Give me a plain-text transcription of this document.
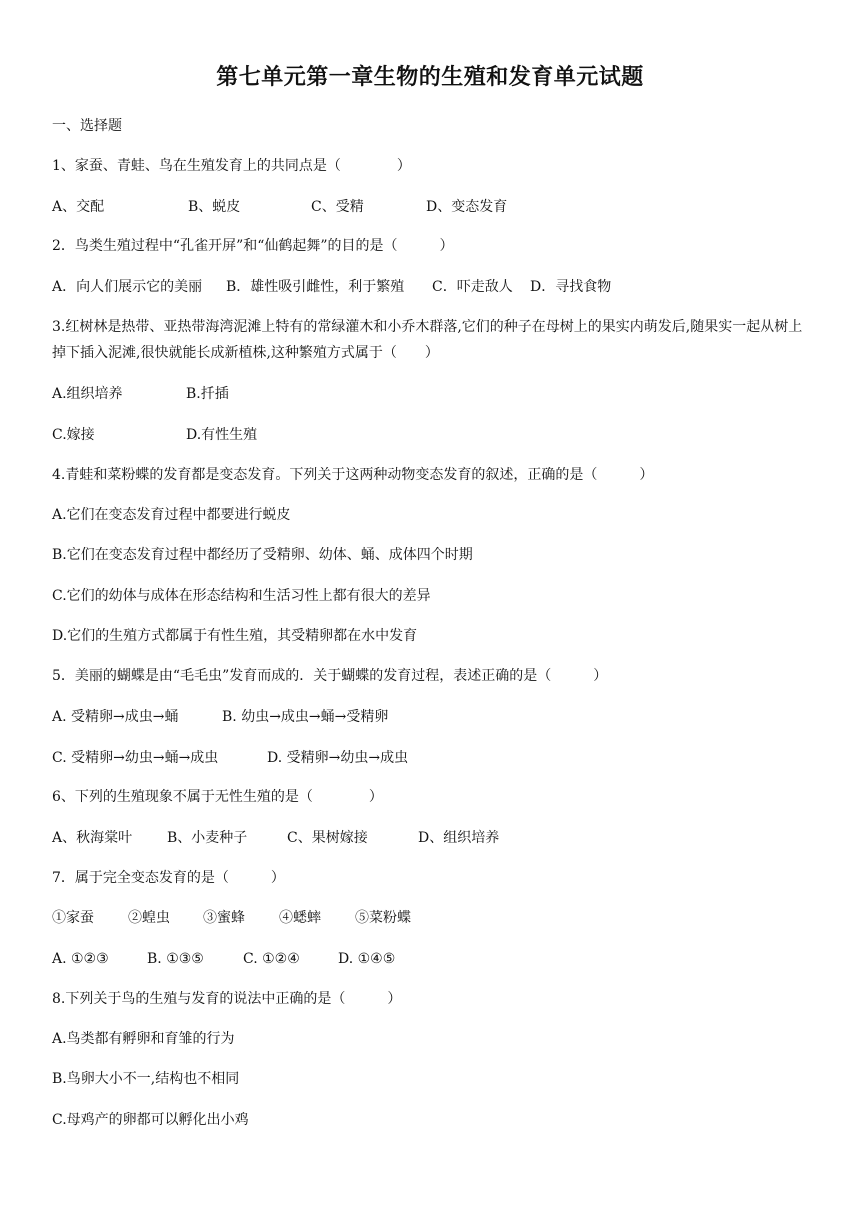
第七单元第一章生物的生殖和发育单元试题
一、选择题
1、家蚕、青蛙、鸟在生殖发育上的共同点是（　　　　）
A、交配	B、蜕皮	C、受精	D、变态发育
2．鸟类生殖过程中“孔雀开屏”和“仙鹤起舞”的目的是（　　　）
A．向人们展示它的美丽 B．雄性吸引雌性，利于繁殖 C．吓走敌人 D．寻找食物
3.红树林是热带、亚热带海湾泥滩上特有的常绿灌木和小乔木群落,它们的种子在母树上的果实内萌发后,随果实一起从树上掉下插入泥滩,很快就能长成新植株,这种繁殖方式属于（　　）
A.组织培养	B.扦插
C.嫁接	D.有性生殖
4.青蛙和菜粉蝶的发育都是变态发育。下列关于这两种动物变态发育的叙述，正确的是（　　　）
A.它们在变态发育过程中都要进行蜕皮
B.它们在变态发育过程中都经历了受精卵、幼体、蛹、成体四个时期
C.它们的幼体与成体在形态结构和生活习性上都有很大的差异
D.它们的生殖方式都属于有性生殖，其受精卵都在水中发育
5．美丽的蝴蝶是由“毛毛虫”发育而成的．关于蝴蝶的发育过程，表述正确的是（　　　）
A. 受精卵→成虫→蛹	B. 幼虫→成虫→蛹→受精卵
C. 受精卵→幼虫→蛹→成虫	D. 受精卵→幼虫→成虫
6、下列的生殖现象不属于无性生殖的是（　　　　）
A、秋海棠叶 B、小麦种子	C、果树嫁接	D、组织培养
7．属于完全变态发育的是（　　　）
①家蚕 ②蝗虫 ③蜜蜂 ④蟋蟀 ⑤菜粉蝶
A. ①②③	B. ①③⑤	C. ①②④	D. ①④⑤
8.下列关于鸟的生殖与发育的说法中正确的是（　　　）
A.鸟类都有孵卵和育雏的行为
B.鸟卵大小不一,结构也不相同
C.母鸡产的卵都可以孵化出小鸡
